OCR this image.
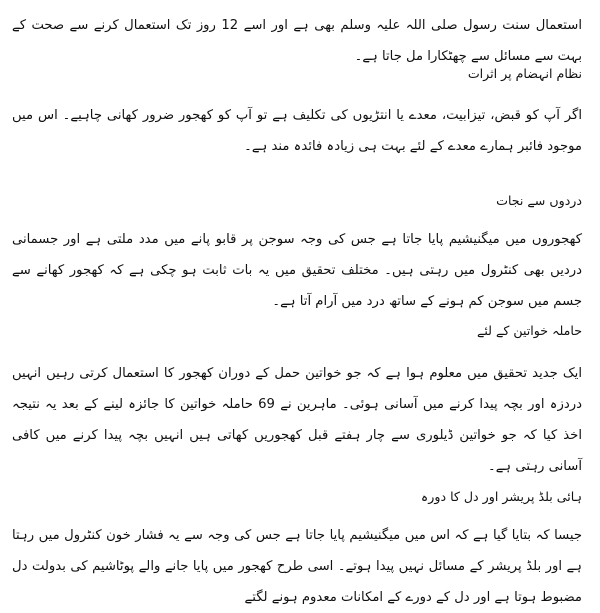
استعمال سنت رسول صلی اللہ علیہ وسلم بھی ہے اور اسے 12 روز تک استعمال کرنے سے صحت کے بہت سے مسائل سے چھٹکارا مل جاتا ہے۔

نظام انہضام پر اثرات

اگر آپ کو قبض، تیزابیت، معدے یا انتڑیوں کی تکلیف ہے تو آپ کو کھجور ضرور کھانی چاہیے۔ اس میں موجود فائبر ہمارے معدے کے لئے بہت ہی زیادہ فائدہ مند ہے۔

دردوں سے نجات

کھجوروں میں میگنیشیم پایا جاتا ہے جس کی وجہ سوجن پر قابو پانے میں مدد ملتی ہے اور جسمانی دردیں بھی کنٹرول میں رہتی ہیں۔ مختلف تحقیق میں یہ بات ثابت ہو چکی ہے کہ کھجور کھانے سے جسم میں سوجن کم ہونے کے ساتھ درد میں آرام آتا ہے۔

حاملہ خواتین کے لئے

ایک جدید تحقیق میں معلوم ہوا ہے کہ جو خواتین حمل کے دوران کھجور کا استعمال کرتی رہیں انہیں دردزہ اور بچہ پیدا کرنے میں آسانی ہوئی۔ ماہرین نے 69 حاملہ خواتین کا جائزہ لینے کے بعد یہ نتیجہ اخذ کیا کہ جو خواتین ڈیلوری سے چار ہفتے قبل کھجوریں کھاتی ہیں انہیں بچہ پیدا کرنے میں کافی آسانی رہتی ہے۔

ہائی بلڈ پریشر اور دل کا دورہ

جیسا کہ بتایا گیا ہے کہ اس میں میگنیشیم پایا جاتا ہے جس کی وجہ سے یہ فشار خون کنٹرول میں رہتا ہے اور بلڈ پریشر کے مسائل نہیں پیدا ہوتے۔ اسی طرح کھجور میں پایا جانے والے پوٹاشیم کی بدولت دل مضبوط ہوتا ہے اور دل کے دورے کے امکانات معدوم ہونے لگتے
